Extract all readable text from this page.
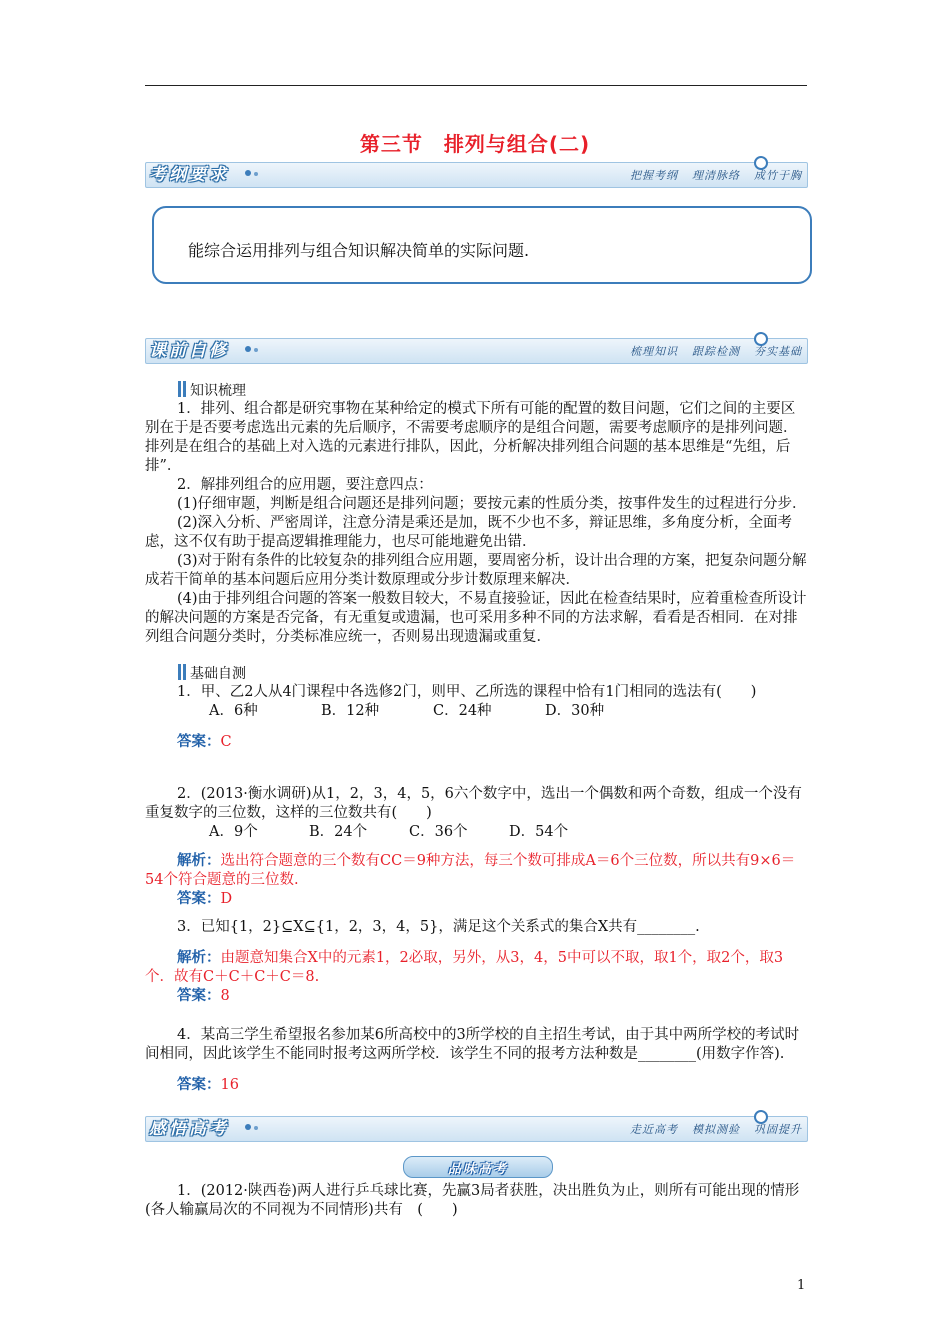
第三节　排列与组合(二)
考纲要求	把握考纲 理清脉络 成竹于胸

能综合运用排列与组合知识解决简单的实际问题.

课前自修	梳理知识 跟踪检测 夯实基础
知识梳理
1．排列、组合都是研究事物在某种给定的模式下所有可能的配置的数目问题，它们之间的主要区别在于是否要考虑选出元素的先后顺序，不需要考虑顺序的是组合问题，需要考虑顺序的是排列问题．排列是在组合的基础上对入选的元素进行排队，因此，分析解决排列组合问题的基本思维是“先组，后排”．
2．解排列组合的应用题，要注意四点：
(1)仔细审题，判断是组合问题还是排列问题；要按元素的性质分类，按事件发生的过程进行分步．
(2)深入分析、严密周详，注意分清是乘还是加，既不少也不多，辩证思维，多角度分析，全面考虑，这不仅有助于提高逻辑推理能力，也尽可能地避免出错．
(3)对于附有条件的比较复杂的排列组合应用题，要周密分析，设计出合理的方案，把复杂问题分解成若干简单的基本问题后应用分类计数原理或分步计数原理来解决．
(4)由于排列组合问题的答案一般数目较大，不易直接验证，因此在检查结果时，应着重检查所设计的解决问题的方案是否完备，有无重复或遗漏，也可采用多种不同的方法求解，看看是否相同．在对排列组合问题分类时，分类标准应统一，否则易出现遗漏或重复．
基础自测
1．甲、乙2人从4门课程中各选修2门，则甲、乙所选的课程中恰有1门相同的选法有(　　)
A．6种	B．12种	C．24种	D．30种
答案：C
2．(2013·衡水调研)从1，2，3，4，5，6六个数字中，选出一个偶数和两个奇数，组成一个没有重复数字的三位数，这样的三位数共有(　　)
A．9个	B．24个	C．36个	D．54个
解析：选出符合题意的三个数有CC＝9种方法，每三个数可排成A＝6个三位数，所以共有9×6＝54个符合题意的三位数.
答案：D
3．已知{1，2}⊆X⊆{1，2，3，4，5}，满足这个关系式的集合X共有________.
解析：由题意知集合X中的元素1，2必取，另外，从3，4，5中可以不取，取1个，取2个，取3个．故有C＋C＋C＋C＝8.
答案：8
4．某高三学生希望报名参加某6所高校中的3所学校的自主招生考试，由于其中两所学校的考试时间相同，因此该学生不能同时报考这两所学校．该学生不同的报考方法种数是________(用数字作答).
答案：16
感悟高考	走近高考 模拟测验 巩固提升
品味高考
1．(2012·陕西卷)两人进行乒乓球比赛，先赢3局者获胜，决出胜负为止，则所有可能出现的情形(各人输赢局次的不同视为不同情形)共有　(　　)
1
